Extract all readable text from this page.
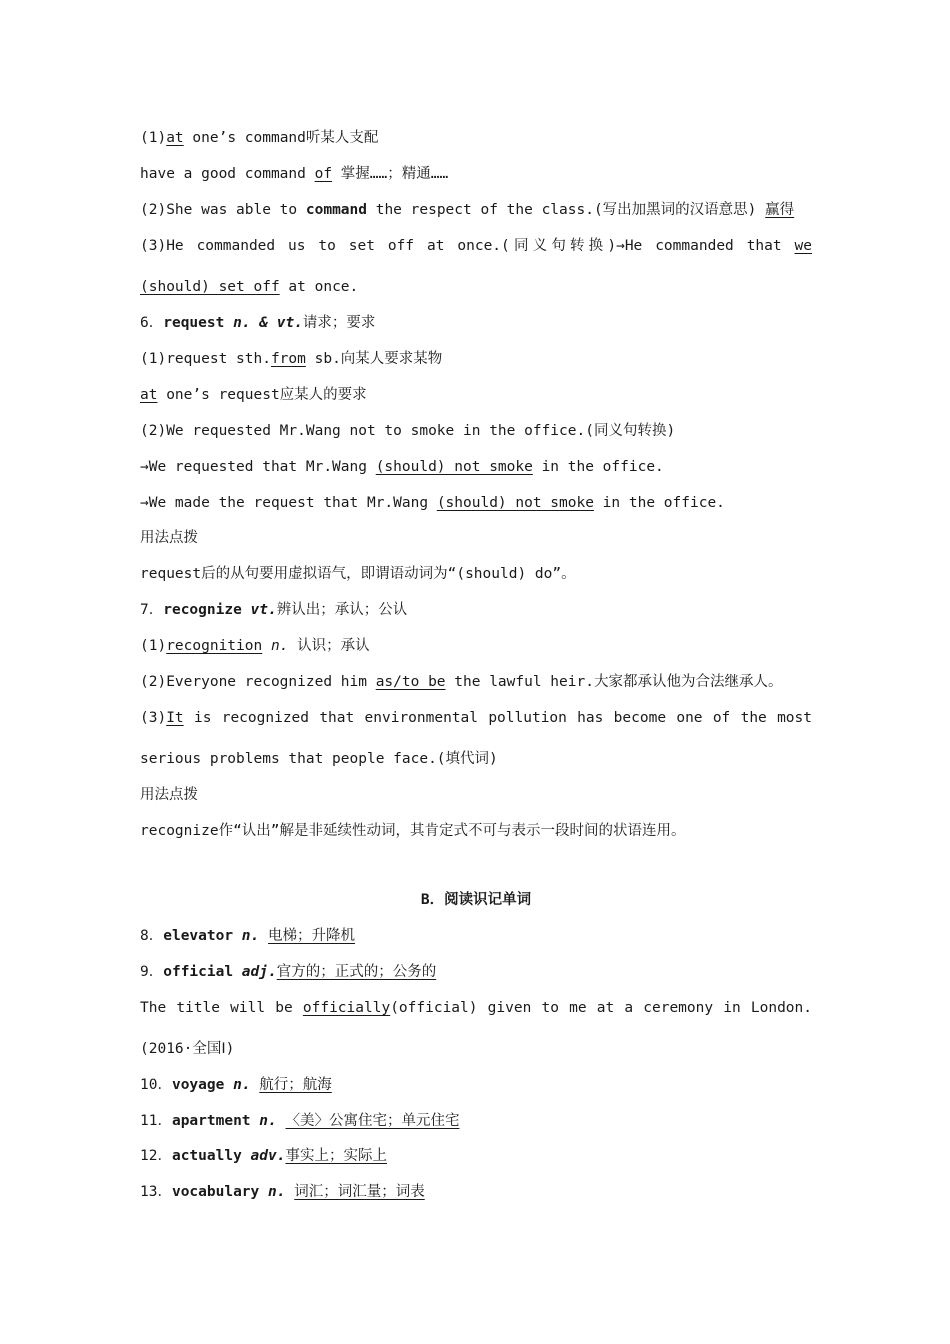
(1)at one’s command听某人支配
have a good command of 掌握……；精通……
(2)She was able to command the respect of the class.(写出加黑词的汉语意思) 赢得
(3)He commanded us to set off at once.(同义句转换)→He commanded that we
(should) set off at once.
6．request n. & vt.请求；要求
(1)request sth.from sb.向某人要求某物
at one’s request应某人的要求
(2)We requested Mr.Wang not to smoke in the office.(同义句转换)
→We requested that Mr.Wang (should) not smoke in the office.
→We made the request that Mr.Wang (should) not smoke in the office.
用法点拨
request后的从句要用虚拟语气，即谓语动词为“(should) do”。
7．recognize vt.辨认出；承认；公认
(1)recognition n. 认识；承认
(2)Everyone recognized him as/to be the lawful heir.大家都承认他为合法继承人。
(3)It is recognized that environmental pollution has become one of the most
serious problems that people face.(填代词)
用法点拨
recognize作“认出”解是非延续性动词，其肯定式不可与表示一段时间的状语连用。
B．阅读识记单词
8．elevator n. 电梯；升降机
9．official adj.官方的；正式的；公务的
The title will be officially(official) given to me at a ceremony in London.
(2016·全国Ⅰ)
10．voyage n. 航行；航海
11．apartment n. 〈美〉公寓住宅；单元住宅
12．actually adv.事实上；实际上
13．vocabulary n. 词汇；词汇量；词表
